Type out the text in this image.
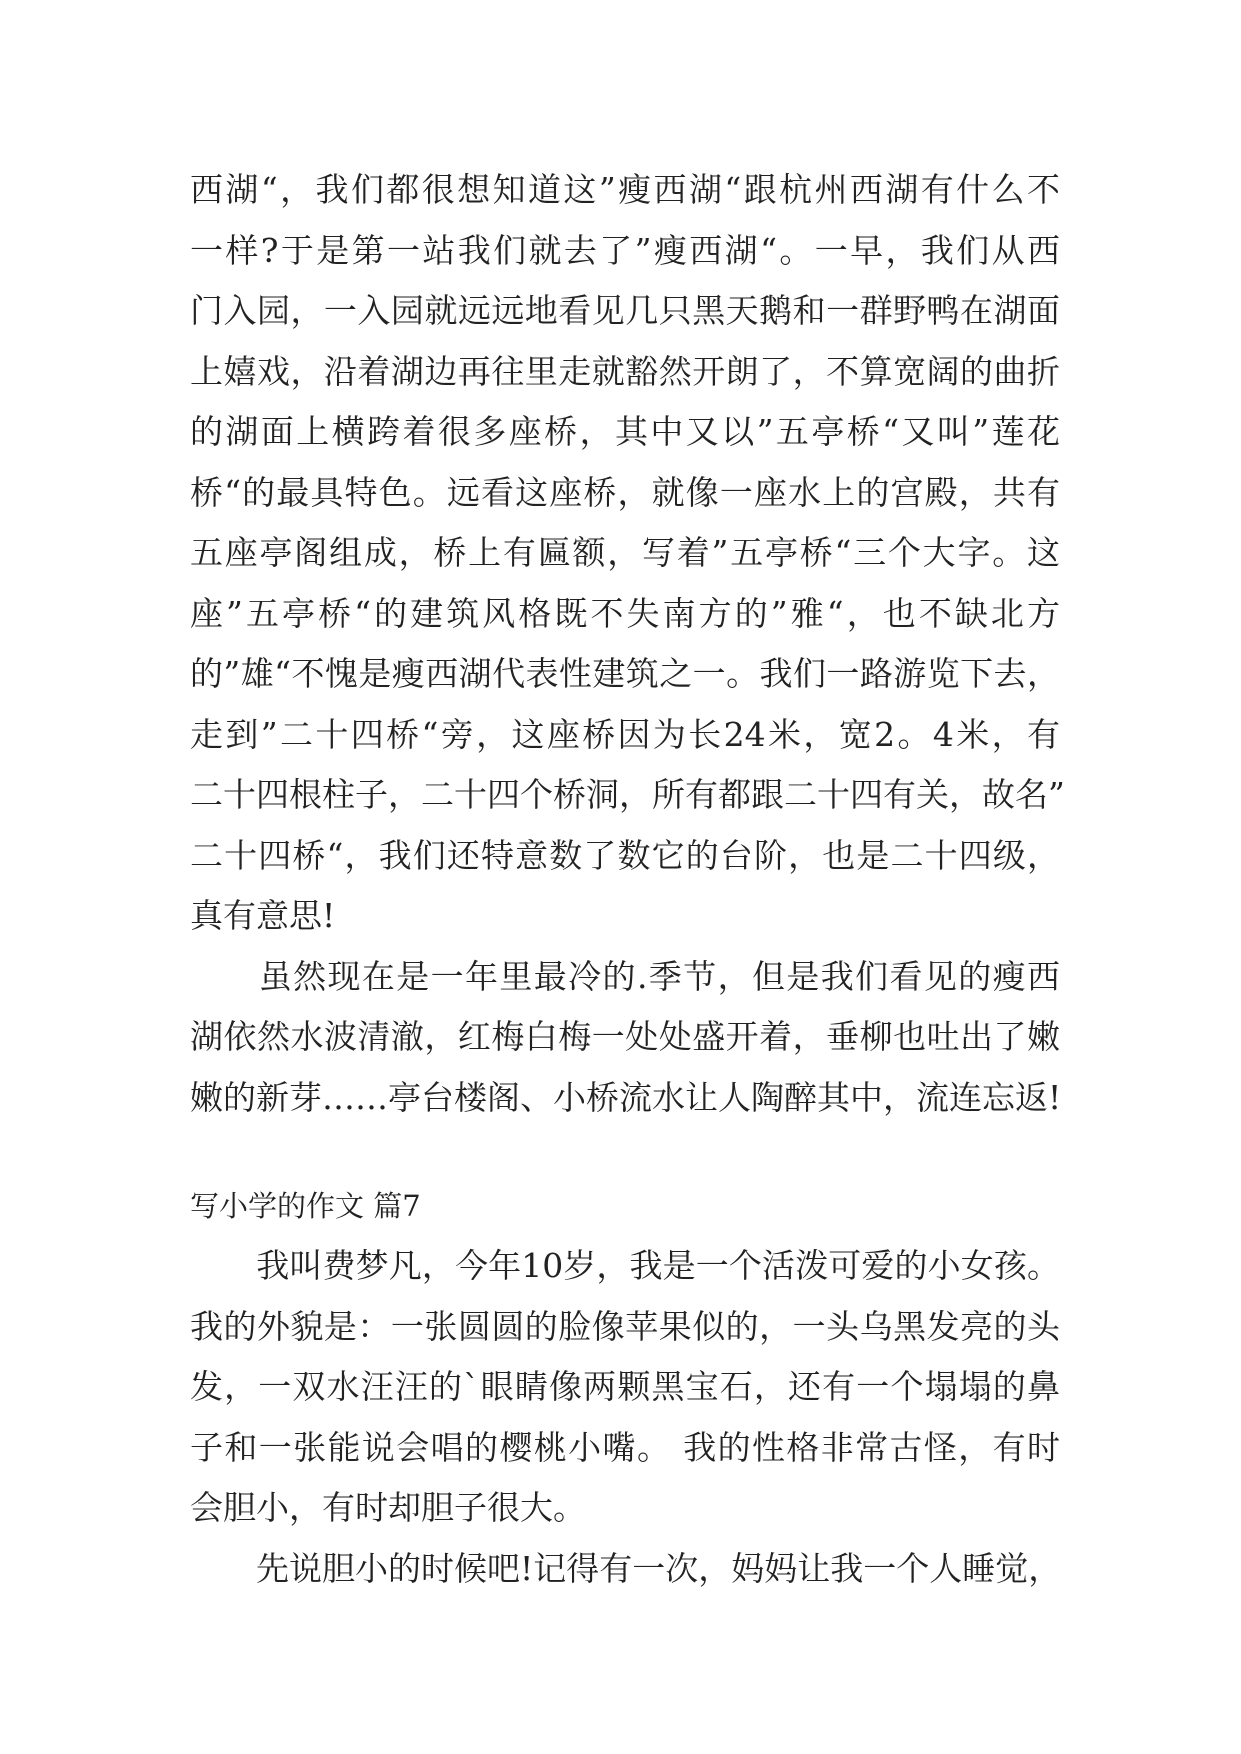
西湖“，我们都很想知道这”瘦西湖“跟杭州西湖有什么不
一样?于是第一站我们就去了”瘦西湖“。一早，我们从西
门入园，一入园就远远地看见几只黑天鹅和一群野鸭在湖面
上嬉戏，沿着湖边再往里走就豁然开朗了，不算宽阔的曲折
的湖面上横跨着很多座桥，其中又以”五亭桥“又叫”莲花
桥“的最具特色。远看这座桥，就像一座水上的宫殿，共有
五座亭阁组成，桥上有匾额，写着”五亭桥“三个大字。这
座”五亭桥“的建筑风格既不失南方的”雅“，也不缺北方
的”雄“不愧是瘦西湖代表性建筑之一。我们一路游览下去，
走到”二十四桥“旁，这座桥因为长24米，宽2。4米，有
二十四根柱子，二十四个桥洞，所有都跟二十四有关，故名”
二十四桥“，我们还特意数了数它的台阶，也是二十四级，
真有意思!
　　虽然现在是一年里最冷的.季节，但是我们看见的瘦西
湖依然水波清澈，红梅白梅一处处盛开着，垂柳也吐出了嫩
嫩的新芽……亭台楼阁、小桥流水让人陶醉其中，流连忘返!
写小学的作文 篇7
　　我叫费梦凡，今年10岁，我是一个活泼可爱的小女孩。
我的外貌是：一张圆圆的脸像苹果似的，一头乌黑发亮的头
发，一双水汪汪的`眼睛像两颗黑宝石，还有一个塌塌的鼻
子和一张能说会唱的樱桃小嘴。 我的性格非常古怪，有时
会胆小，有时却胆子很大。
　　先说胆小的时候吧!记得有一次，妈妈让我一个人睡觉，
